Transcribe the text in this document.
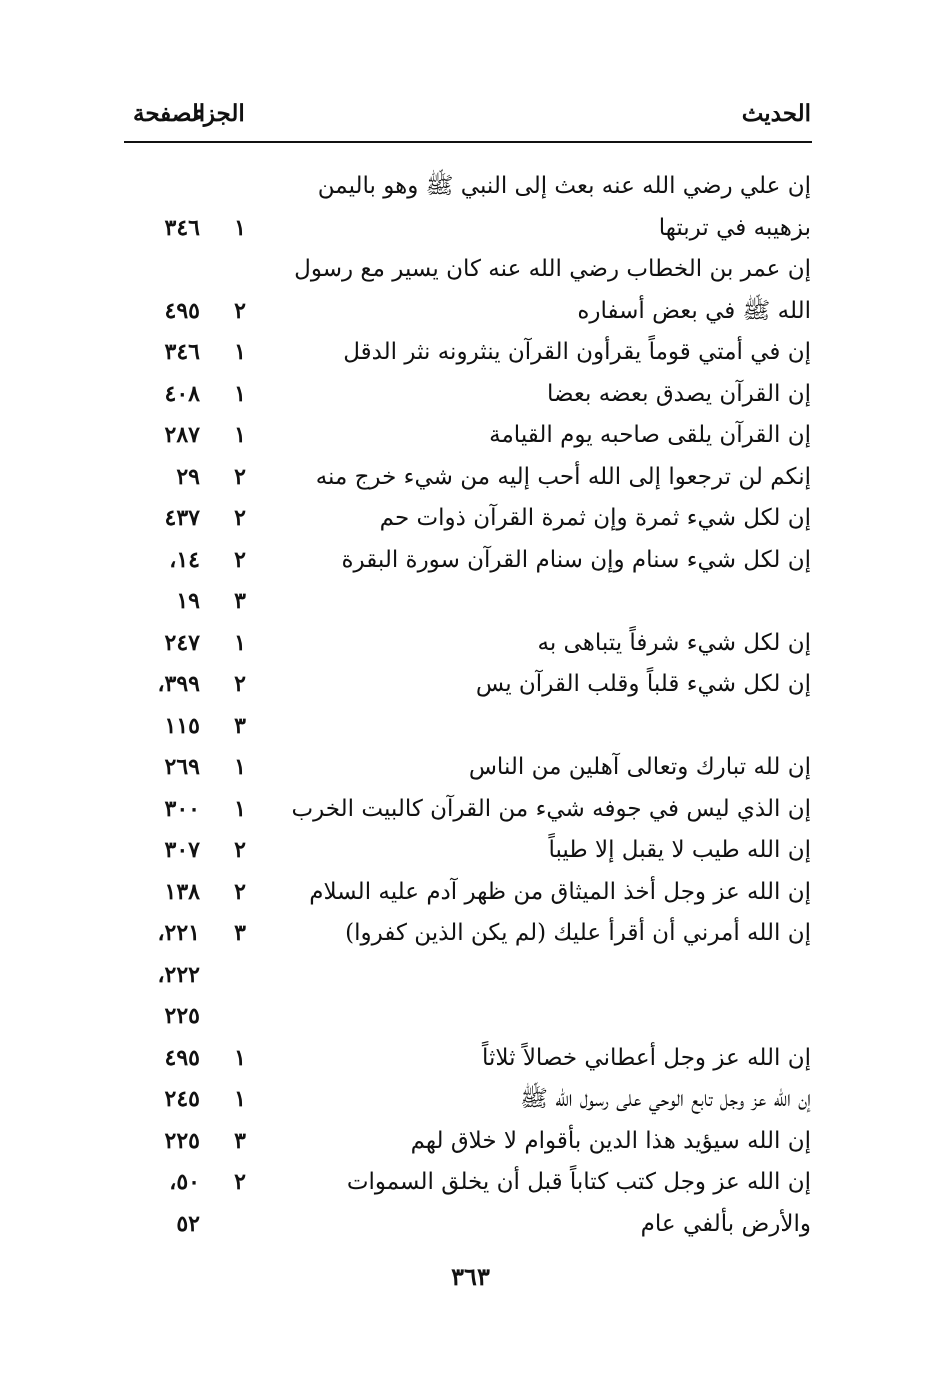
الحديث
الجزء
الصفحة
إن علي رضي الله عنه بعث إلى النبي ﷺ وهو باليمن
بزهيبه في تربتها
١
٣٤٦
إن عمر بن الخطاب رضي الله عنه كان يسير مع رسول
الله ﷺ في بعض أسفاره
٢
٤٩٥
إن في أمتي قوماً يقرأون القرآن ينثرونه نثر الدقل
١
٣٤٦
إن القرآن يصدق بعضه بعضا
١
٤٠٨
إن القرآن يلقى صاحبه يوم القيامة
١
٢٨٧
إنكم لن ترجعوا إلى الله أحب إليه من شيء خرج منه
٢
٢٩
إن لكل شيء ثمرة وإن ثمرة القرآن ذوات حم
٢
٤٣٧
إن لكل شيء سنام وإن سنام القرآن سورة البقرة
٢
١٤،
٣
١٩
إن لكل شيء شرفاً يتباهى به
١
٢٤٧
إن لكل شيء قلباً وقلب القرآن يس
٢
٣٩٩،
٣
١١٥
إن لله تبارك وتعالى آهلين من الناس
١
٢٦٩
إن الذي ليس في جوفه شيء من القرآن كالبيت الخرب
١
٣٠٠
إن الله طيب لا يقبل إلا طيباً
٢
٣٠٧
إن الله عز وجل أخذ الميثاق من ظهر آدم عليه السلام
٢
١٣٨
إن الله أمرني أن أقرأ عليك (لم يكن الذين كفروا)
٣
٢٢١،
٢٢٢،
٢٢٥
إن الله عز وجل أعطاني خصالاً ثلاثاً
١
٤٩٥
إن الله عز وجل تابع الوحي على رسول الله ﷺ
١
٢٤٥
إن الله سيؤيد هذا الدين بأقوام لا خلاق لهم
٣
٢٢٥
إن الله عز وجل كتب كتاباً قبل أن يخلق السموات
٢
٥٠،
والأرض بألفي عام
٥٢
٣٦٣
